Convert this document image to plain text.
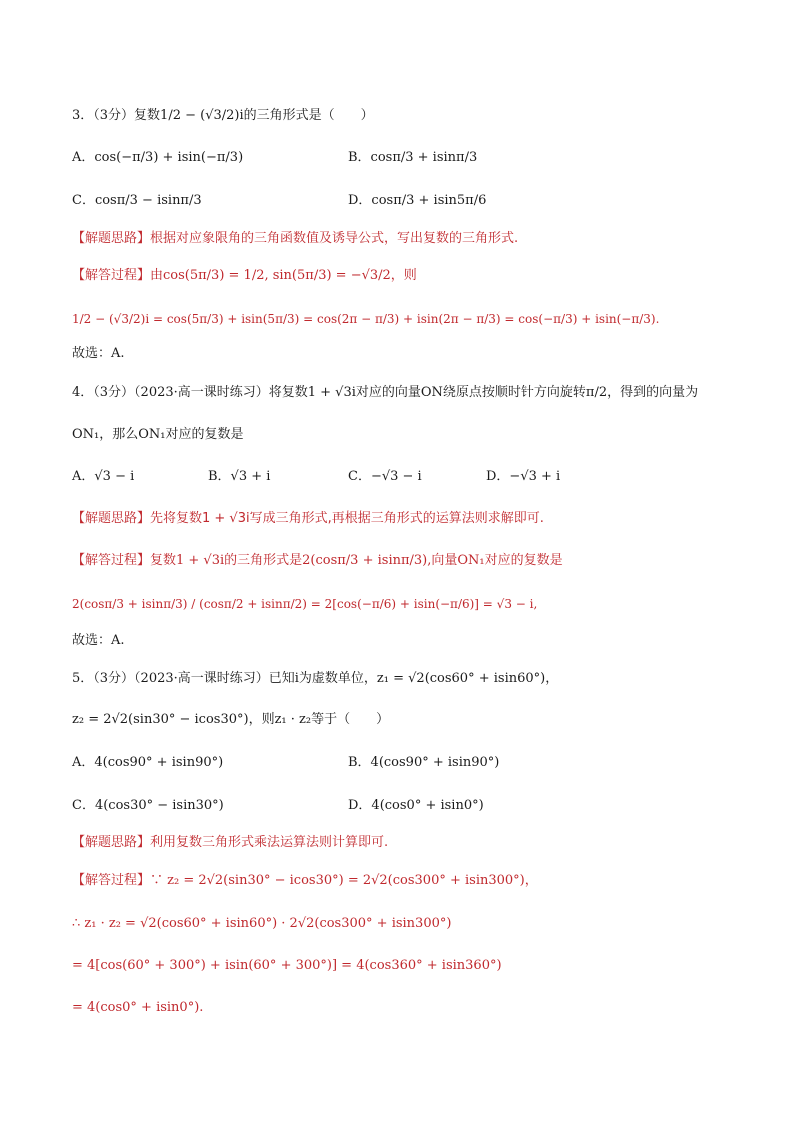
3．（3分）复数1/2 − (√3/2)i的三角形式是（　　）
A．cos(−π/3) + isin(−π/3)	B．cosπ/3 + isinπ/3
C．cosπ/3 − isinπ/3	D．cosπ/3 + isin5π/6
【解题思路】根据对应象限角的三角函数值及诱导公式，写出复数的三角形式.
【解答过程】由cos(5π/3) = 1/2, sin(5π/3) = −√3/2，则
1/2 − (√3/2)i = cos(5π/3) + isin(5π/3) = cos(2π − π/3) + isin(2π − π/3) = cos(−π/3) + isin(−π/3).
故选：A.
4．（3分）（2023·高一课时练习）将复数1 + √3i对应的向量ON绕原点按顺时针方向旋转π/2，得到的向量为
ON₁，那么ON₁对应的复数是
A．√3 − i	B．√3 + i	C．−√3 − i	D．−√3 + i
【解题思路】先将复数1 + √3i写成三角形式,再根据三角形式的运算法则求解即可.
【解答过程】复数1 + √3i的三角形式是2(cosπ/3 + isinπ/3),向量ON₁对应的复数是
2(cosπ/3 + isinπ/3) / (cosπ/2 + isinπ/2) = 2[cos(−π/6) + isin(−π/6)] = √3 − i,
故选：A.
5．（3分）（2023·高一课时练习）已知i为虚数单位，z₁ = √2(cos60° + isin60°)，
z₂ = 2√2(sin30° − icos30°)，则z₁ · z₂等于（　　）
A．4(cos90° + isin90°)	B．4(cos90° + isin90°)
C．4(cos30° − isin30°)	D．4(cos0° + isin0°)
【解题思路】利用复数三角形式乘法运算法则计算即可.
【解答过程】∵ z₂ = 2√2(sin30° − icos30°) = 2√2(cos300° + isin300°)，
∴ z₁ · z₂ = √2(cos60° + isin60°) · 2√2(cos300° + isin300°)
= 4[cos(60° + 300°) + isin(60° + 300°)] = 4(cos360° + isin360°)
= 4(cos0° + isin0°).
